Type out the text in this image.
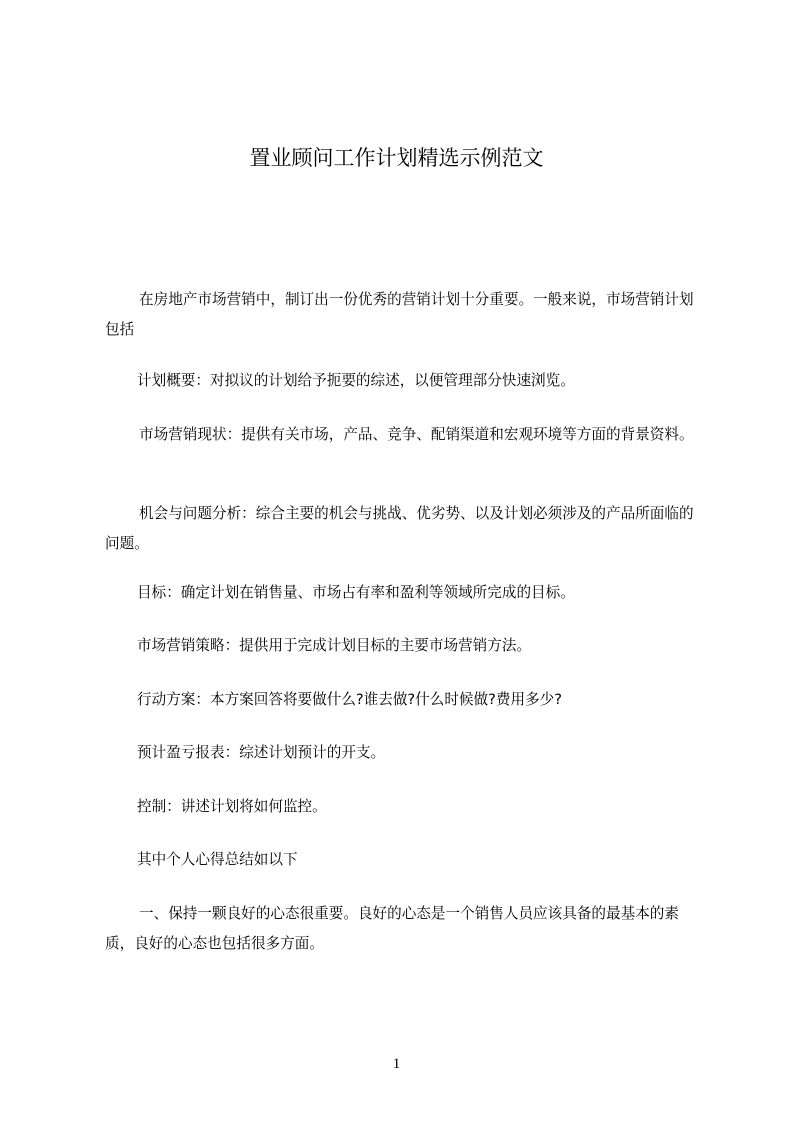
置业顾问工作计划精选示例范文

在房地产市场营销中，制订出一份优秀的营销计划十分重要。一般来说，市场营销计划包括

计划概要：对拟议的计划给予扼要的综述，以便管理部分快速浏览。

市场营销现状：提供有关市场，产品、竞争、配销渠道和宏观环境等方面的背景资料。

机会与问题分析：综合主要的机会与挑战、优劣势、以及计划必须涉及的产品所面临的问题。

目标：确定计划在销售量、市场占有率和盈利等领域所完成的目标。

市场营销策略：提供用于完成计划目标的主要市场营销方法。

行动方案：本方案回答将要做什么?谁去做?什么时候做?费用多少?

预计盈亏报表：综述计划预计的开支。

控制：讲述计划将如何监控。

其中个人心得总结如以下

一、保持一颗良好的心态很重要。良好的心态是一个销售人员应该具备的最基本的素质，良好的心态也包括很多方面。

1
